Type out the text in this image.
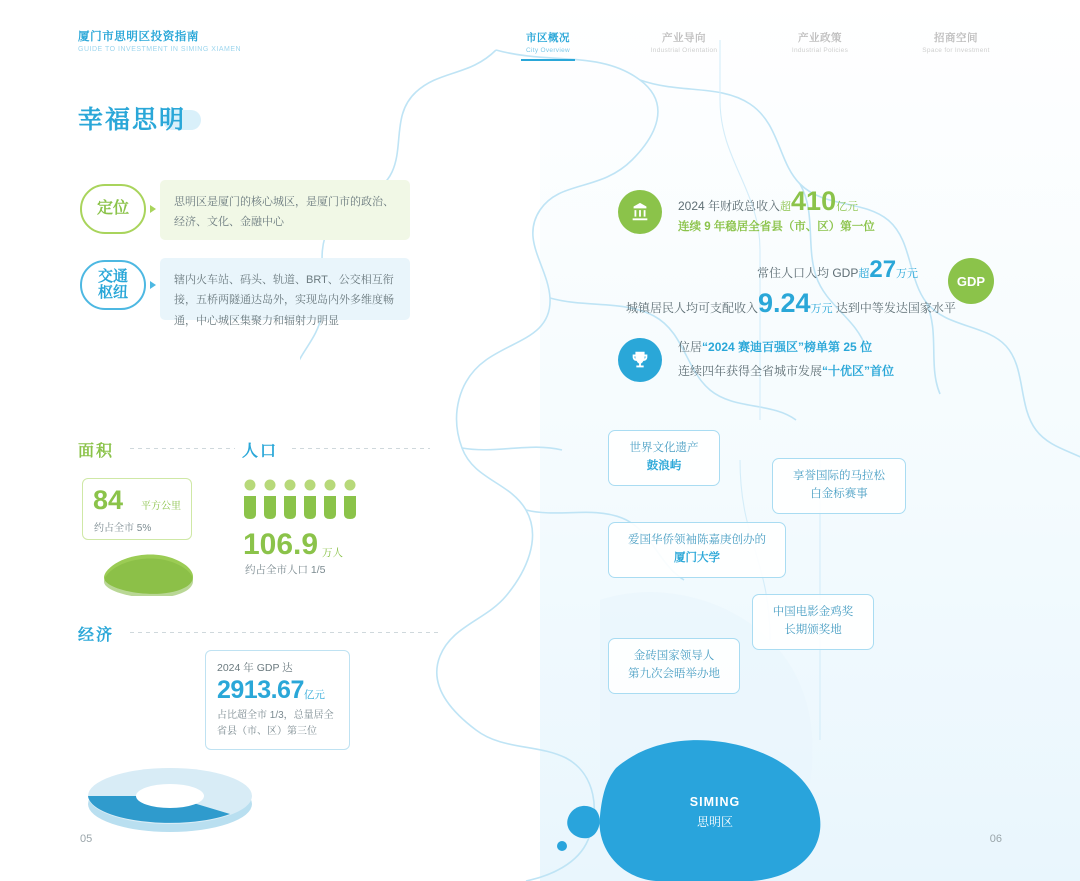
厦门市思明区投资指南
GUIDE TO INVESTMENT IN SIMING XIAMEN
市区概况
City Overview
产业导向
Industrial Orientation
产业政策
Industrial Policies
招商空间
Space for Investment
幸福思明
定位	思明区是厦门的核心城区，是厦门市的政治、经济、文化、金融中心
交通
枢纽
辖内火车站、码头、轨道、BRT、公交相互衔接，五桥两隧通达岛外，实现岛内外多维度畅通，中心城区集聚力和辐射力明显
面积	人口
84 平方公里
约占全市 5%	106.9 万人
约占全市人口 1/5
经济
2024 年 GDP 达
2913.67亿元
占比超全市 1/3，总量居全省县（市、区）第三位
2024 年财政总收入超410亿元
连续 9 年稳居全省县（市、区）第一位
GDP
常住人口人均 GDP超27万元
城镇居民人均可支配收入9.24万元 达到中等发达国家水平
位居“2024 赛迪百强区”榜单第 25 位
连续四年获得全省城市发展“十优区”首位
世界文化遗产
鼓浪屿
享誉国际的马拉松
白金标赛事
爱国华侨领袖陈嘉庚创办的
厦门大学
中国电影金鸡奖
长期颁奖地
金砖国家领导人
第九次会晤举办地
SIMING
思明区
05	06
